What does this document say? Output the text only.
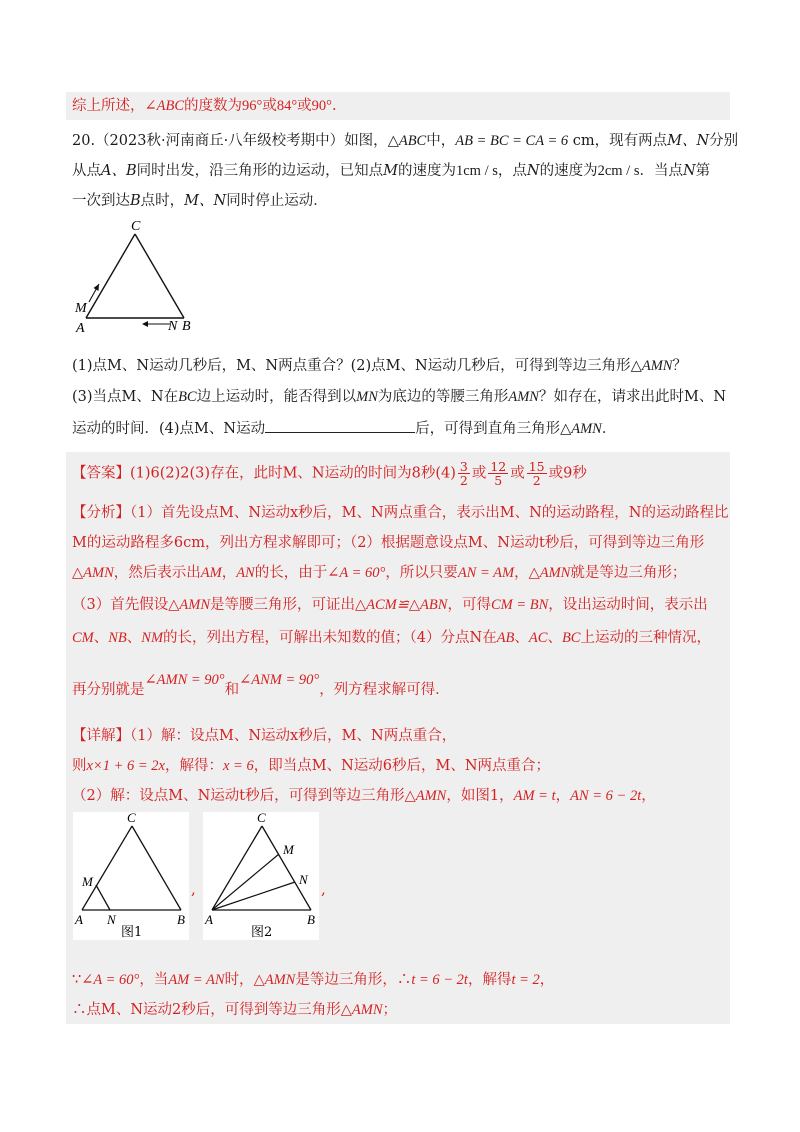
综上所述，∠ABC的度数为96°或84°或90°.
20.（2023秋·河南商丘·八年级校考期中）如图，△ABC中，AB = BC = CA = 6 cm，现有两点M、N分别
从点A、B同时出发，沿三角形的边运动，已知点M的速度为1cm / s，点N的速度为2cm / s．当点N第
一次到达B点时，M、N同时停止运动．
C
M
A	N B
(1)点M、N运动几秒后，M、N两点重合？(2)点M、N运动几秒后，可得到等边三角形△AMN？
(3)当点M、N在BC边上运动时，能否得到以MN为底边的等腰三角形AMN？如存在，请求出此时M、N
运动的时间．(4)点M、N运动	后，可得到直角三角形△AMN．
【答案】(1)6(2)2(3)存在，此时M、N运动的时间为8秒$(4) \frac{3}{2}$ 或 $\frac{12}{5}$ 或 $\frac{15}{2}$ 或9秒
【分析】（1）首先设点M、N运动x秒后，M、N两点重合，表示出M、N的运动路程，N的运动路程比
M的运动路程多6cm，列出方程求解即可；（2）根据题意设点M、N运动t秒后，可得到等边三角形
△AMN，然后表示出AM，AN的长，由于∠A = 60°，所以只要AN = AM，△AMN就是等边三角形；
（3）首先假设△AMN是等腰三角形，可证出△ACM≌△ABN，可得CM = BN，设出运动时间，表示出
CM、NB、NM的长，列出方程，可解出未知数的值；（4）分点N在AB、AC、BC上运动的三种情况，
再分别就是∠AMN = 90°和∠ANM = 90°，列方程求解可得．
【详解】（1）解：设点M、N运动x秒后，M、N两点重合，
则x×1 + 6 = 2x，解得：x = 6，即当点M、N运动6秒后，M、N两点重合；
（2）解：设点M、N运动t秒后，可得到等边三角形△AMN，如图1，AM = t，AN = 6 − 2t，
C
M
A N	B
图1
,
C
M
N
A	B
图2
,
∵∠A = 60°，当AM = AN时，△AMN是等边三角形，∴t = 6 − 2t，解得t = 2，
∴点M、N运动2秒后，可得到等边三角形△AMN；
